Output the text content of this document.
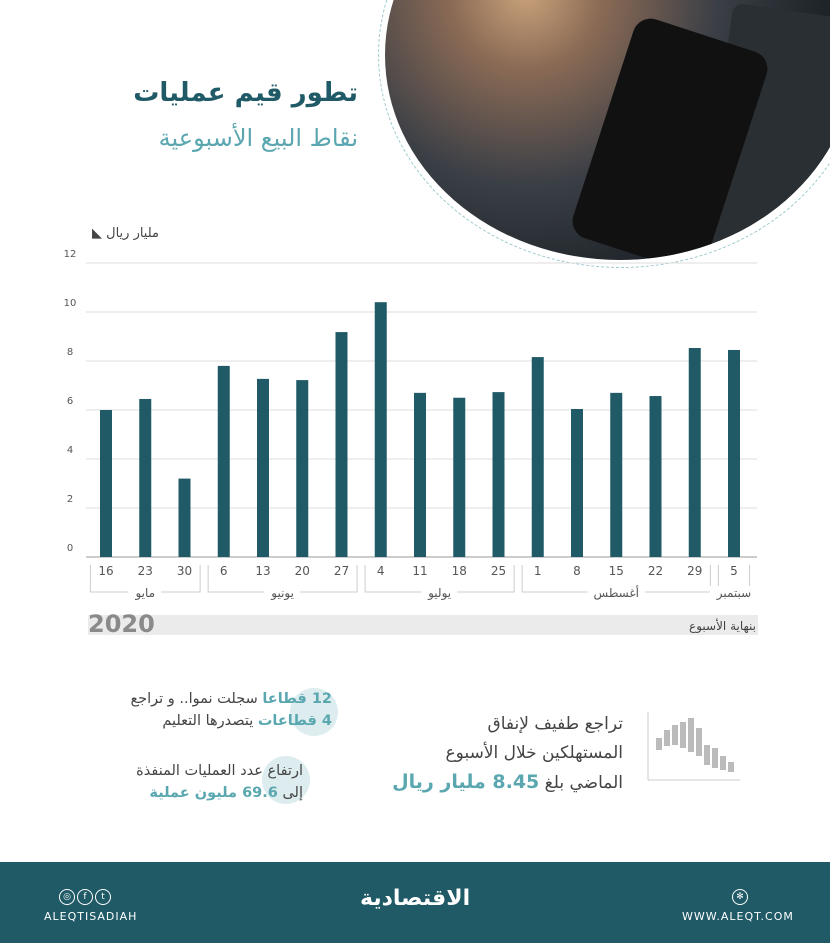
تطور قيم عمليات
نقاط البيع الأسبوعية
مليار ريال ◣
0
2
4
6
8
10
12
16 23 30 6 13 20 27 4 11 18 25 1	8 15 22 29 5
مايو	يونيو	يوليو	أغسطس	سبتمبر
2020	بنهاية الأسبوع
12 قطاعا سجلت نموا.. و تراجع
4 قطاعات يتصدرها التعليم
ارتفاع عدد العمليات المنفذة
إلى 69.6 مليون عملية
تراجع طفيف لإنفاق
المستهلكين خلال الأسبوع
الماضي بلغ 8.45 مليار ريال
◎ f t
ALEQTISADIAH
الاقتصادية	✻
WWW.ALEQT.COM
